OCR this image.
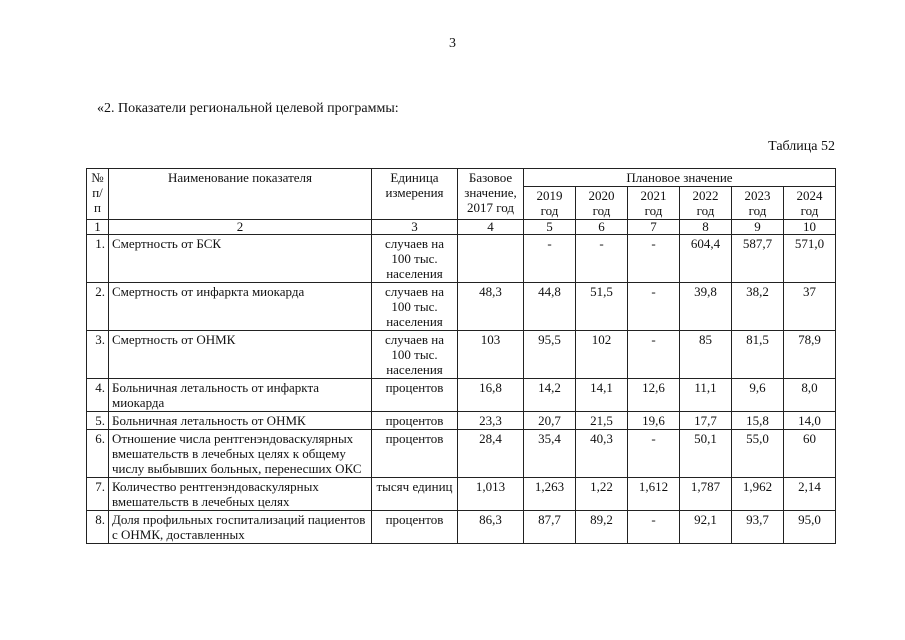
3
«2. Показатели региональной целевой программы:
Таблица 52
№ п/п	Наименование показателя	Единица измерения	Базовое значение, 2017 год	Плановое значение					
				2019 год	2020 год	2021 год	2022 год	2023 год	2024 год
1	2	3	4	5	6	7	8	9	10
1.	Смертность от БСК	случаев на 100 тыс. населения		-	-	-	604,4	587,7	571,0
2.	Смертность от инфаркта миокарда	случаев на 100 тыс. населения	48,3	44,8	51,5	-	39,8	38,2	37
3.	Смертность от ОНМК	случаев на 100 тыс. населения	103	95,5	102	-	85	81,5	78,9
4.	Больничная летальность от инфаркта миокарда	процентов	16,8	14,2	14,1	12,6	11,1	9,6	8,0
5.	Больничная летальность от ОНМК	процентов	23,3	20,7	21,5	19,6	17,7	15,8	14,0
6.	Отношение числа рентгенэндоваскулярных вмешательств в лечебных целях к общему числу выбывших больных, перенесших ОКС	процентов	28,4	35,4	40,3	-	50,1	55,0	60
7.	Количество рентгенэндоваскулярных вмешательств в лечебных целях	тысяч единиц	1,013	1,263	1,22	1,612	1,787	1,962	2,14
8.	Доля профильных госпитализаций пациентов с ОНМК, доставленных	процентов	86,3	87,7	89,2	-	92,1	93,7	95,0
